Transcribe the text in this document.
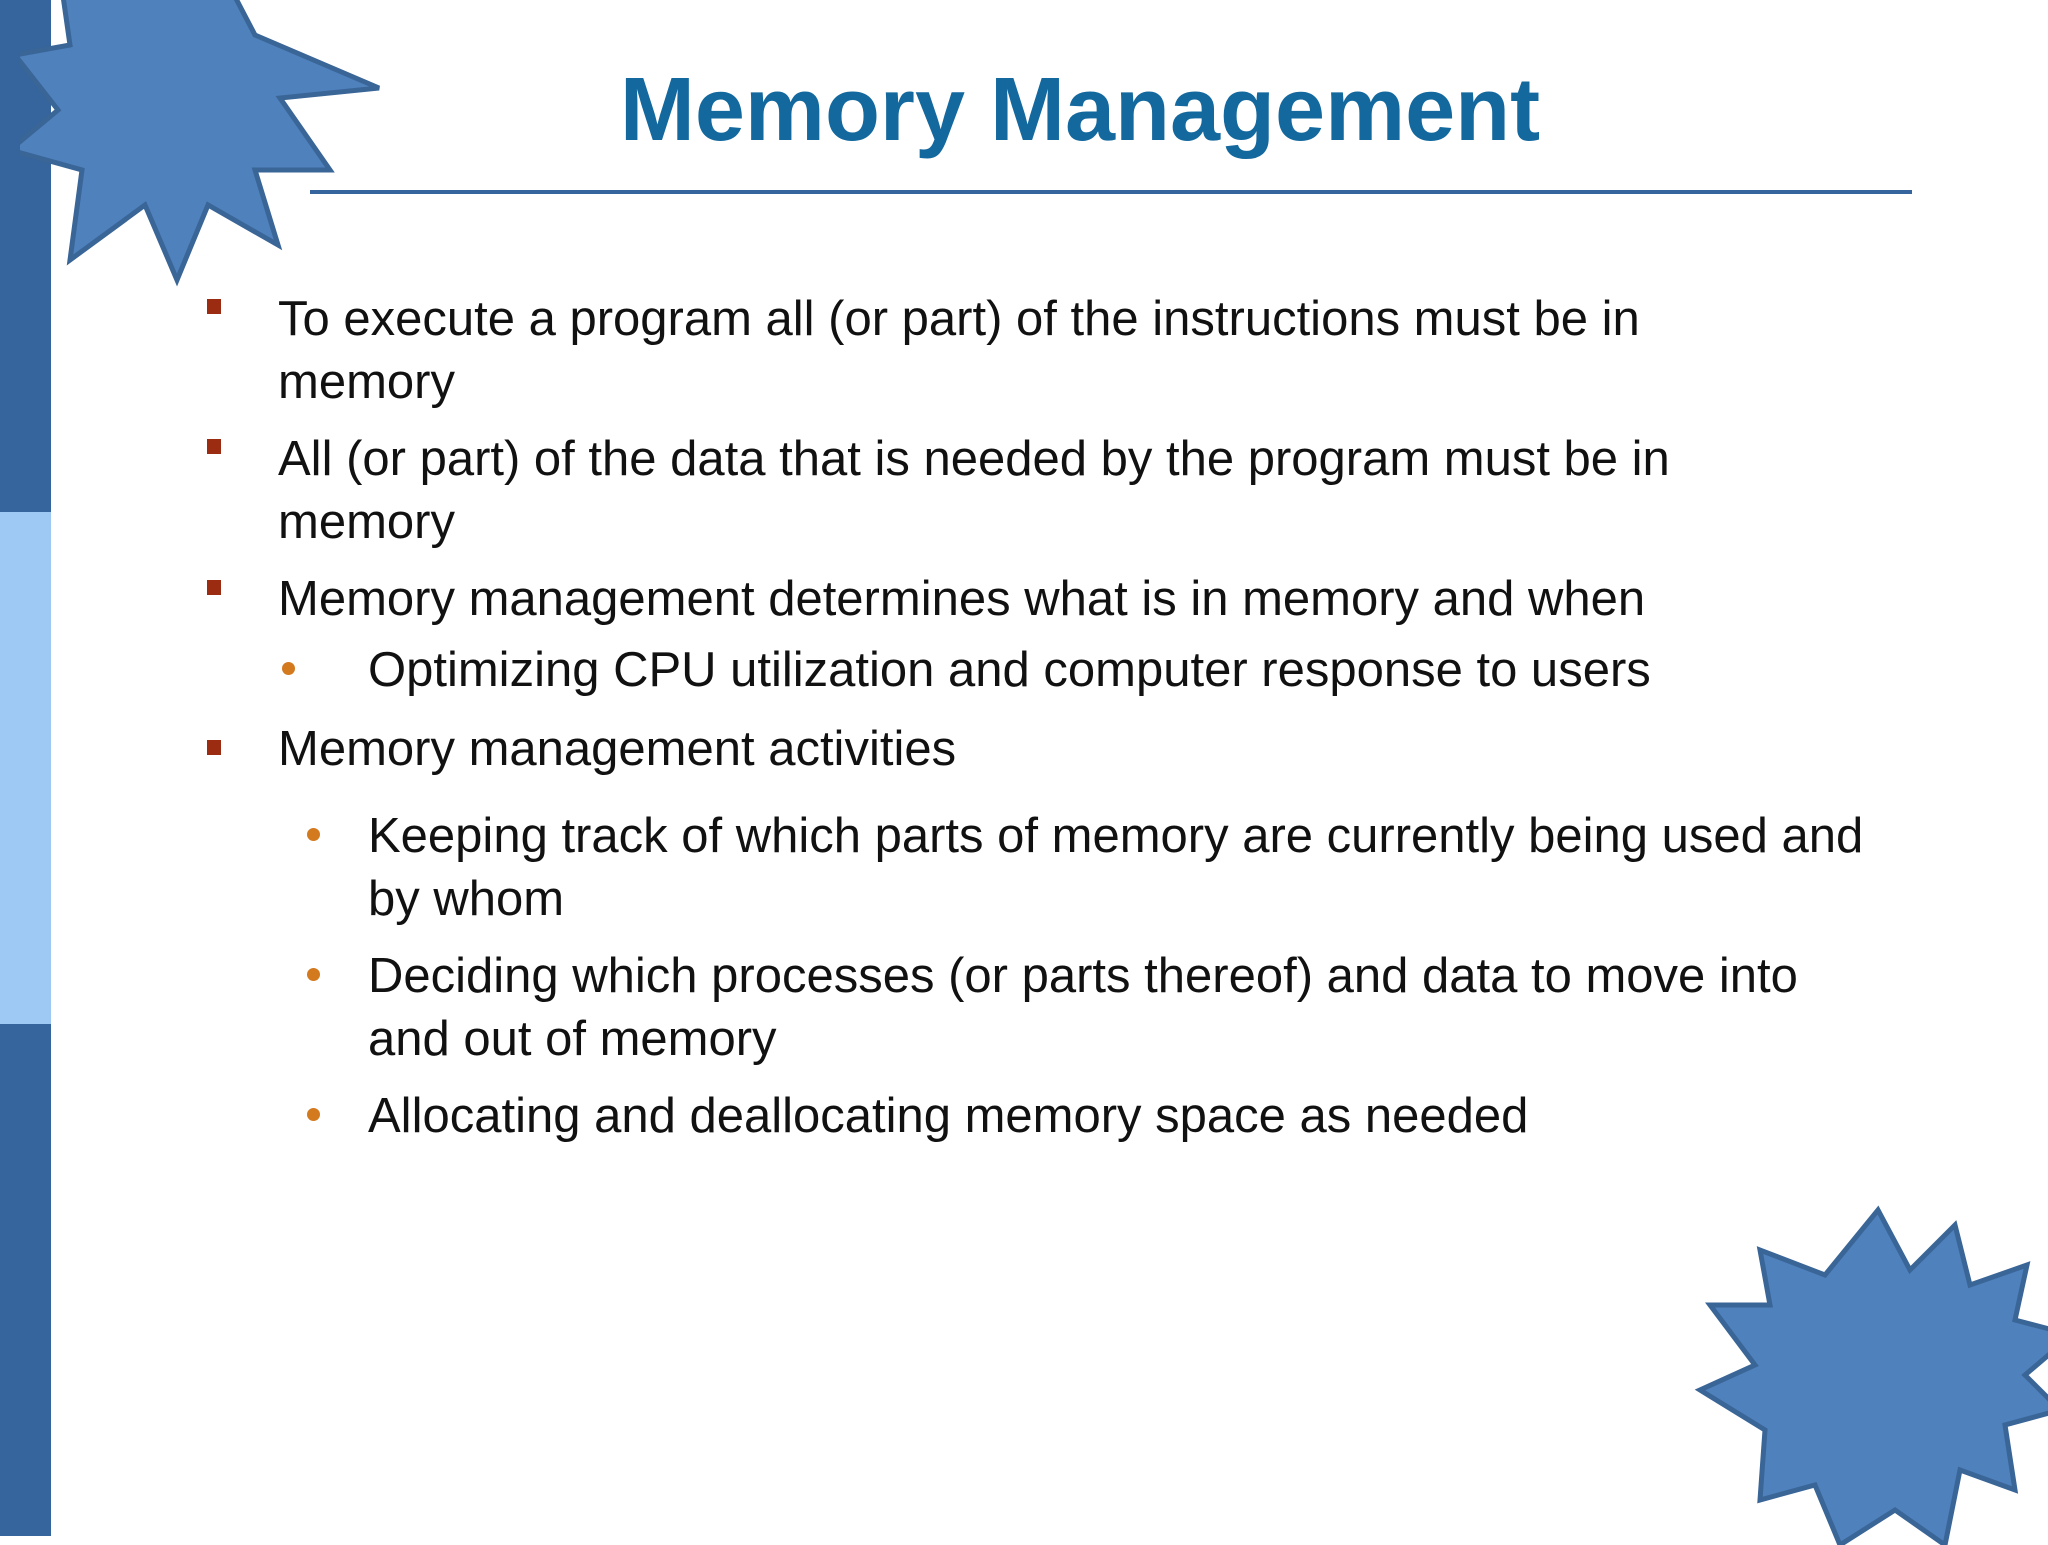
Memory Management
To execute a program all (or part) of the instructions must be in memory
All (or part) of the data that is needed by the program must be in memory
Memory management determines what is in memory and when
Optimizing CPU utilization and computer response to users
Memory management activities
Keeping track of which parts of memory are currently being used and by whom
Deciding which processes (or parts thereof) and data to move into and out of memory
Allocating and deallocating memory space as needed
